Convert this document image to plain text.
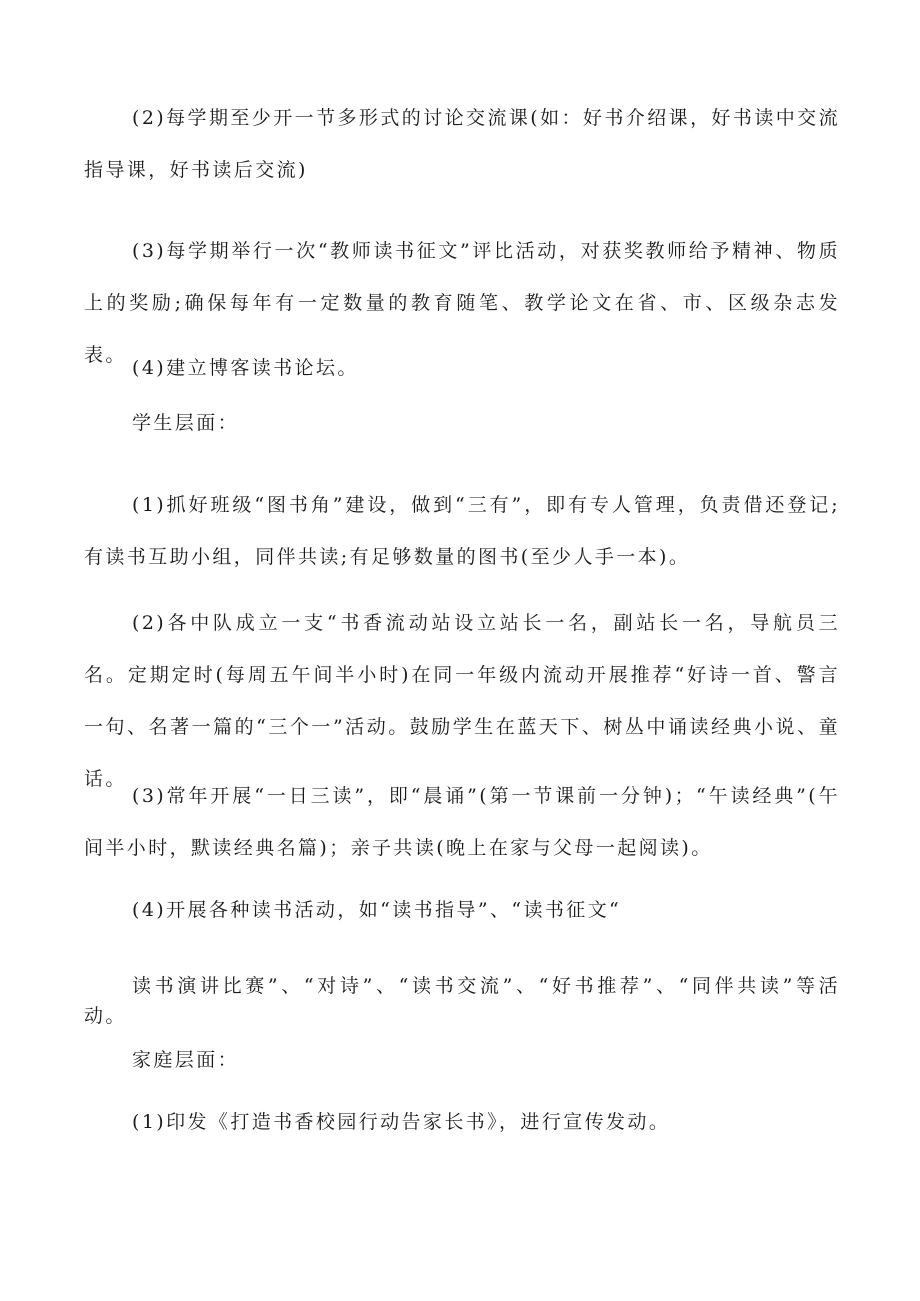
(2)每学期至少开一节多形式的讨论交流课(如：好书介绍课，好书读中交流指导课，好书读后交流)

(3)每学期举行一次“教师读书征文”评比活动，对获奖教师给予精神、物质上的奖励;确保每年有一定数量的教育随笔、教学论文在省、市、区级杂志发表。

(4)建立博客读书论坛。

学生层面：

(1)抓好班级“图书角”建设，做到“三有”，即有专人管理，负责借还登记;有读书互助小组，同伴共读;有足够数量的图书(至少人手一本)。

(2)各中队成立一支“书香流动站设立站长一名，副站长一名，导航员三名。定期定时(每周五午间半小时)在同一年级内流动开展推荐“好诗一首、警言一句、名著一篇的“三个一”活动。鼓励学生在蓝天下、树丛中诵读经典小说、童话。

(3)常年开展“一日三读”，即“晨诵”(第一节课前一分钟)；“午读经典”(午间半小时，默读经典名篇)；亲子共读(晚上在家与父母一起阅读)。

(4)开展各种读书活动，如“读书指导”、“读书征文“

读书演讲比赛”、“对诗”、“读书交流”、“好书推荐”、“同伴共读”等活动。

家庭层面：

(1)印发《打造书香校园行动告家长书》，进行宣传发动。
